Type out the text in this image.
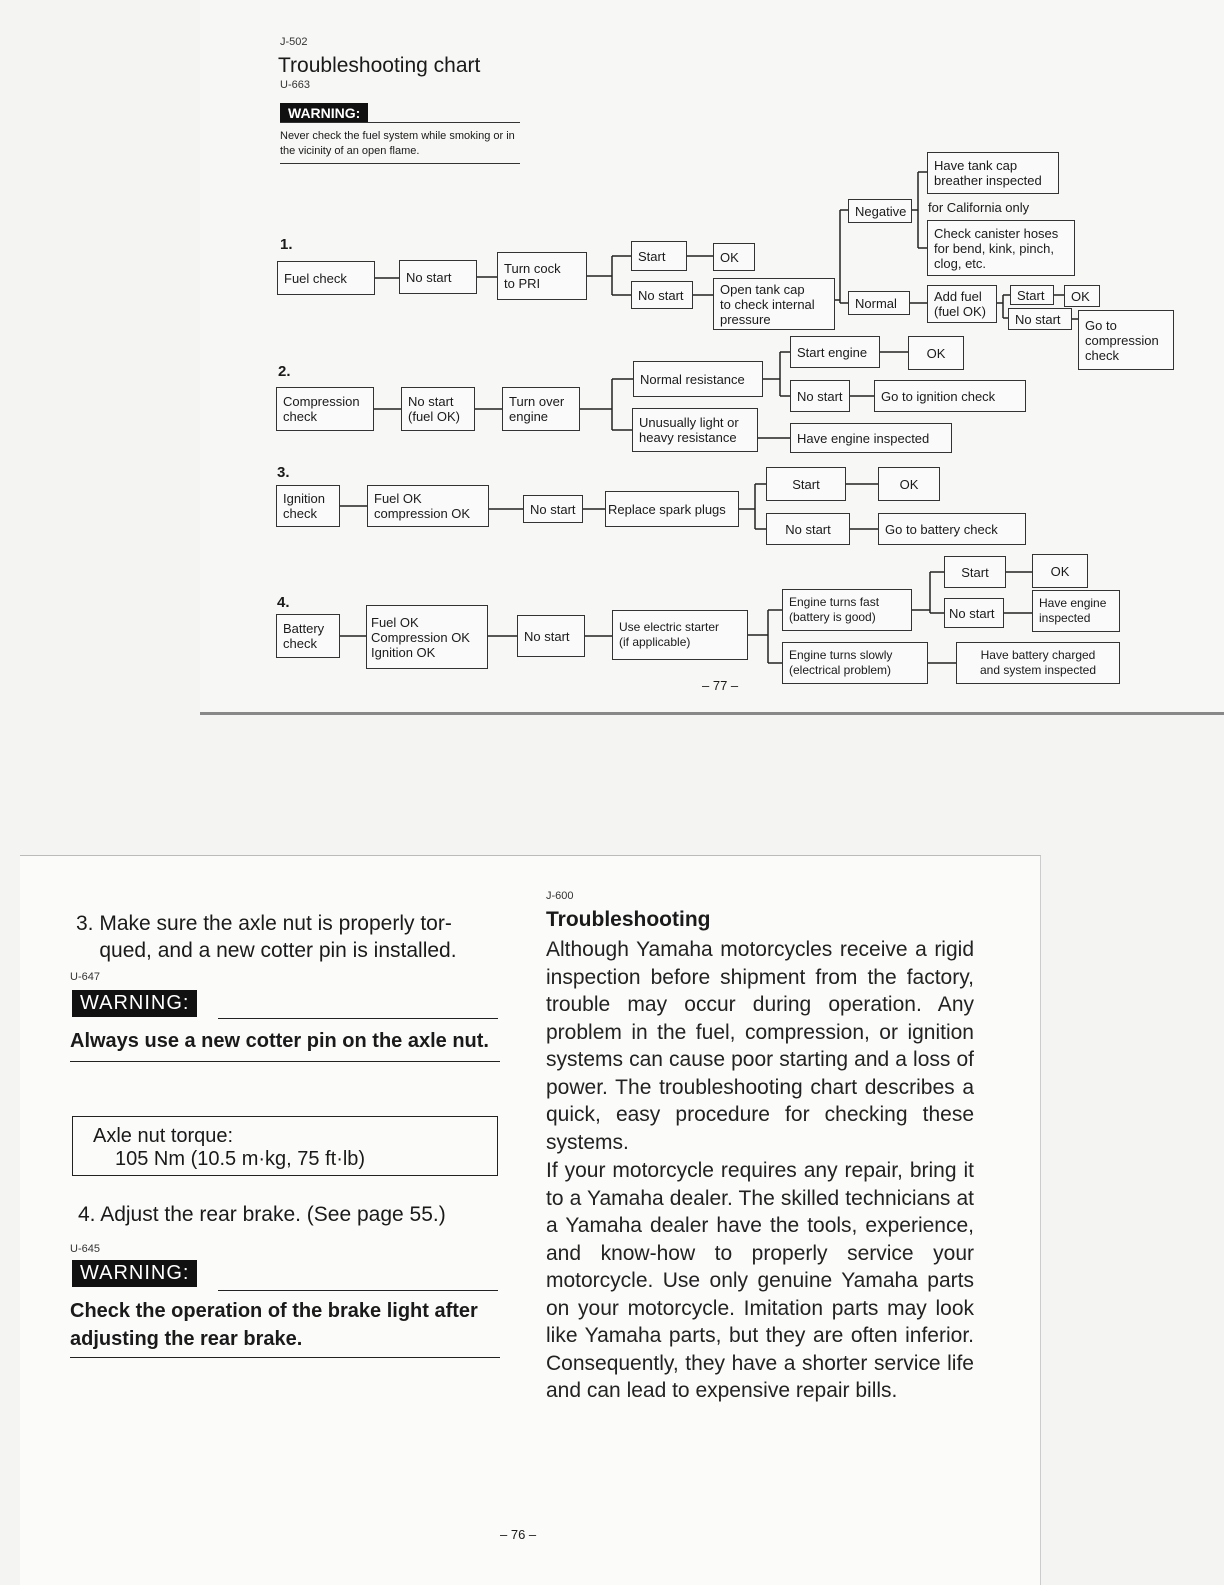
J-502
Troubleshooting chart
U-663
WARNING:
Never check the fuel system while smoking or in the vicinity of an open flame.
1.
2.
3.
4.
Fuel check	No start
Turn cock
to PRI
Start	OK
No start	Open tank cap
to check internal
pressure
Negative
Have tank cap
breather inspected
for California only
Check canister hoses
for bend, kink, pinch,
clog, etc.
Normal	Add fuel
(fuel OK)
Start	OK
No start	Go to
compression
check
Compression
check
No start
(fuel OK)
Turn over
engine
Normal resistance
Unusually light or
heavy resistance
Start engine	OK
No start	Go to ignition check
Have engine inspected
Ignition
check
Fuel OK
compression OK	No start	Replace spark plugs
Start	OK
No start	Go to battery check
Battery
check
Fuel OK
Compression OK
Ignition OK
No start
Use electric starter
(if applicable)
Engine turns fast
(battery is good)
Engine turns slowly
(electrical problem)
Start	OK
No start
Have engine
inspected
Have battery charged
and system inspected
– 77 –
3. Make sure the axle nut is properly tor-
qued, and a new cotter pin is installed.
U-647
WARNING:
Always use a new cotter pin on the axle nut.
Axle nut torque:
105 Nm (10.5 m·kg, 75 ft·lb)
4. Adjust the rear brake. (See page 55.)
U-645
WARNING:
Check the operation of the brake light after adjusting the rear brake.
J-600
Troubleshooting
Although Yamaha motorcycles receive a rigid inspection before shipment from the factory, trouble may occur during operation. Any problem in the fuel, compression, or ignition systems can cause poor starting and a loss of power. The troubleshooting chart describes a quick, easy procedure for checking these systems.
If your motorcycle requires any repair, bring it to a Yamaha dealer. The skilled technicians at a Yamaha dealer have the tools, experience, and know-how to properly service your motorcycle. Use only genuine Yamaha parts on your motorcycle. Imitation parts may look like Yamaha parts, but they are often inferior. Consequently, they have a shorter service life and can lead to expensive repair bills.
– 76 –
